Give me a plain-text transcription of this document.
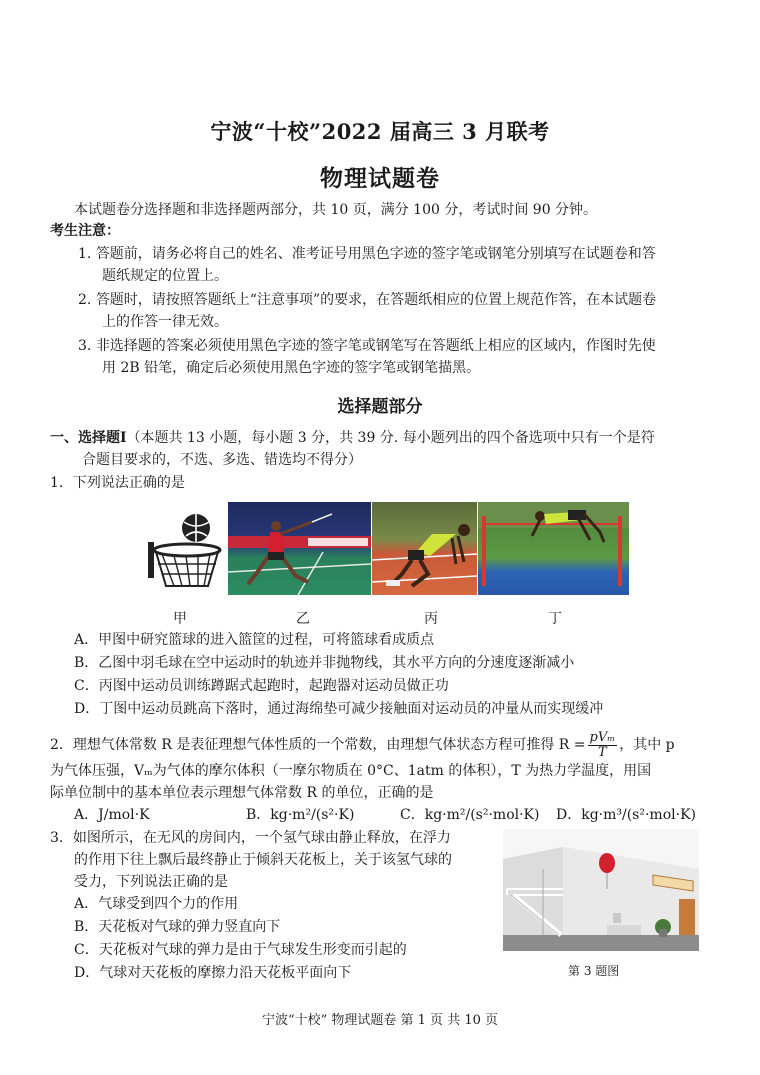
宁波“十校”2022 届高三 3 月联考
物理试题卷
本试题卷分选择题和非选择题两部分，共 10 页，满分 100 分，考试时间 90 分钟。
考生注意：
1. 答题前，请务必将自己的姓名、准考证号用黑色字迹的签字笔或钢笔分别填写在试题卷和答
题纸规定的位置上。
2. 答题时，请按照答题纸上“注意事项”的要求，在答题纸相应的位置上规范作答，在本试题卷
上的作答一律无效。
3. 非选择题的答案必须使用黑色字迹的签字笔或钢笔写在答题纸上相应的区域内，作图时先使
用 2B 铅笔，确定后必须使用黑色字迹的签字笔或钢笔描黑。
选择题部分
一、选择题Ⅰ（本题共 13 小题，每小题 3 分，共 39 分. 每小题列出的四个备选项中只有一个是符
合题目要求的，不选、多选、错选均不得分）
1．下列说法正确的是
甲	乙	丙	丁
A．甲图中研究篮球的进入篮筐的过程，可将篮球看成质点
B．乙图中羽毛球在空中运动时的轨迹并非抛物线，其水平方向的分速度逐渐减小
C．丙图中运动员训练蹲踞式起跑时，起跑器对运动员做正功
D．丁图中运动员跳高下落时，通过海绵垫可减少接触面对运动员的冲量从而实现缓冲
2．理想气体常数 R 是表征理想气体性质的一个常数，由理想气体状态方程可推得 $R = \frac{\text{pVₘ}}{T}$ ，其中 p
为气体压强，Vₘ为气体的摩尔体积（一摩尔物质在 0°C、1atm 的体积），T 为热力学温度，用国
际单位制中的基本单位表示理想气体常数 R 的单位，正确的是
A．J/mol·K	B．kg·m²/(s²·K)	C．kg·m²/(s²·mol·K) D．kg·m³/(s²·mol·K)
3．如图所示，在无风的房间内，一个氢气球由静止释放，在浮力
的作用下往上飘后最终静止于倾斜天花板上，关于该氢气球的
受力，下列说法正确的是
A．气球受到四个力的作用
B．天花板对气球的弹力竖直向下
C．天花板对气球的弹力是由于气球发生形变而引起的
D．气球对天花板的摩擦力沿天花板平面向下	第 3 题图
宁波“十校” 物理试题卷 第 1 页 共 10 页
